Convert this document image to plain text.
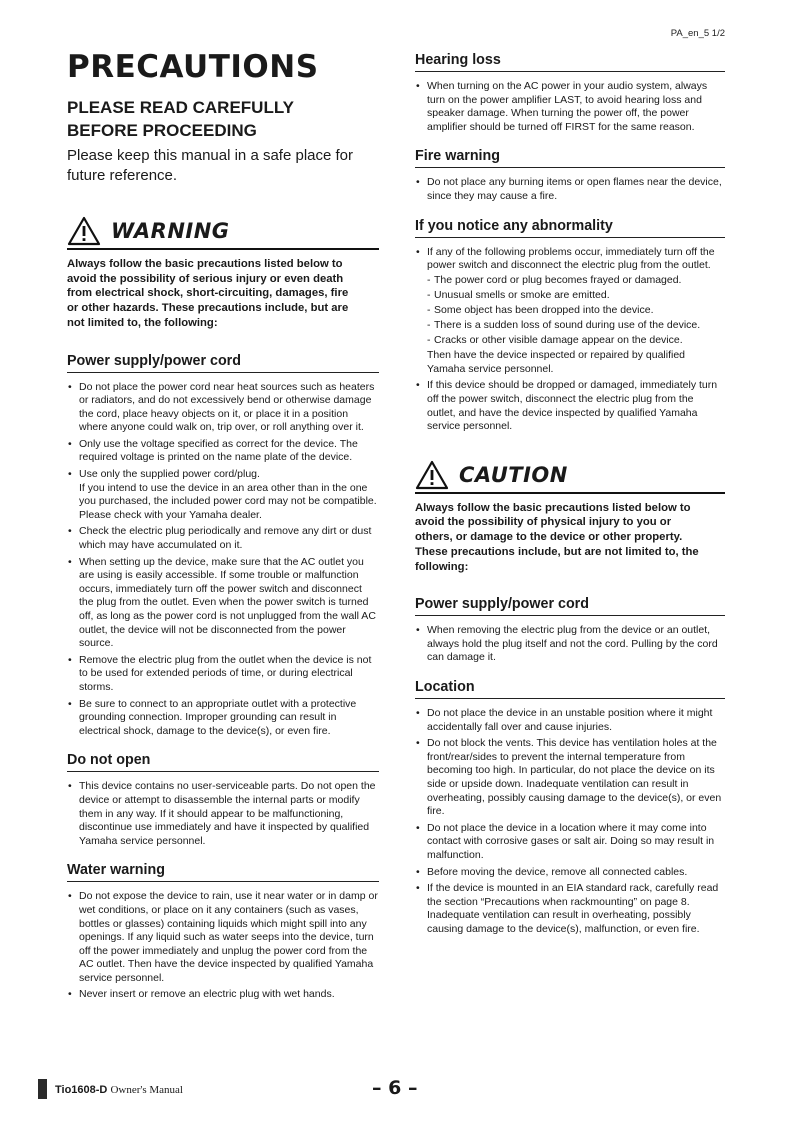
PA_en_5 1/2
PRECAUTIONS
PLEASE READ CAREFULLY
BEFORE PROCEEDING
Please keep this manual in a safe place for
future reference.
WARNING
Always follow the basic precautions listed below to
avoid the possibility of serious injury or even death
from electrical shock, short-circuiting, damages, fire
or other hazards. These precautions include, but are
not limited to, the following:
Power supply/power cord
• Do not place the power cord near heat sources such as heaters or radiators, and do not excessively bend or otherwise damage the cord, place heavy objects on it, or place it in a position where anyone could walk on, trip over, or roll anything over it.
• Only use the voltage specified as correct for the device. The required voltage is printed on the name plate of the device.
• Use only the supplied power cord/plug.
If you intend to use the device in an area other than in the one you purchased, the included power cord may not be compatible. Please check with your Yamaha dealer.
• Check the electric plug periodically and remove any dirt or dust which may have accumulated on it.
• When setting up the device, make sure that the AC outlet you are using is easily accessible. If some trouble or malfunction occurs, immediately turn off the power switch and disconnect the plug from the outlet. Even when the power switch is turned off, as long as the power cord is not unplugged from the wall AC outlet, the device will not be disconnected from the power source.
• Remove the electric plug from the outlet when the device is not to be used for extended periods of time, or during electrical storms.
• Be sure to connect to an appropriate outlet with a protective grounding connection. Improper grounding can result in electrical shock, damage to the device(s), or even fire.
Do not open
• This device contains no user-serviceable parts. Do not open the device or attempt to disassemble the internal parts or modify them in any way. If it should appear to be malfunctioning, discontinue use immediately and have it inspected by qualified Yamaha service personnel.
Water warning
• Do not expose the device to rain, use it near water or in damp or wet conditions, or place on it any containers (such as vases, bottles or glasses) containing liquids which might spill into any openings. If any liquid such as water seeps into the device, turn off the power immediately and unplug the power cord from the AC outlet. Then have the device inspected by qualified Yamaha service personnel.
• Never insert or remove an electric plug with wet hands.
Hearing loss
• When turning on the AC power in your audio system, always turn on the power amplifier LAST, to avoid hearing loss and speaker damage. When turning the power off, the power amplifier should be turned off FIRST for the same reason.
Fire warning
• Do not place any burning items or open flames near the device, since they may cause a fire.
If you notice any abnormality
• If any of the following problems occur, immediately turn off the power switch and disconnect the electric plug from the outlet.
- The power cord or plug becomes frayed or damaged.
- Unusual smells or smoke are emitted.
- Some object has been dropped into the device.
- There is a sudden loss of sound during use of the device.
- Cracks or other visible damage appear on the device.
Then have the device inspected or repaired by qualified Yamaha service personnel.
• If this device should be dropped or damaged, immediately turn off the power switch, disconnect the electric plug from the outlet, and have the device inspected by qualified Yamaha service personnel.
CAUTION
Always follow the basic precautions listed below to
avoid the possibility of physical injury to you or
others, or damage to the device or other property.
These precautions include, but are not limited to, the
following:
Power supply/power cord
• When removing the electric plug from the device or an outlet, always hold the plug itself and not the cord. Pulling by the cord can damage it.
Location
• Do not place the device in an unstable position where it might accidentally fall over and cause injuries.
• Do not block the vents. This device has ventilation holes at the front/rear/sides to prevent the internal temperature from becoming too high. In particular, do not place the device on its side or upside down. Inadequate ventilation can result in overheating, possibly causing damage to the device(s), or even fire.
• Do not place the device in a location where it may come into contact with corrosive gases or salt air. Doing so may result in malfunction.
• Before moving the device, remove all connected cables.
• If the device is mounted in an EIA standard rack, carefully read the section “Precautions when rackmounting” on page 8. Inadequate ventilation can result in overheating, possibly causing damage to the device(s), malfunction, or even fire.
Tio1608-D Owner's Manual	– 6 –
